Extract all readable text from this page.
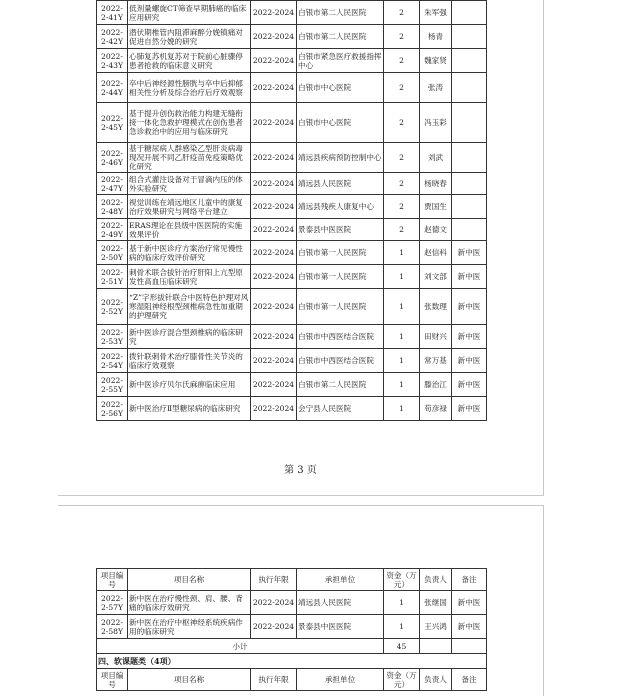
2022-2-41Y	低剂量螺旋CT筛查早期肺癌的临床应用研究	2022-2024	白银市第二人民医院	2	朱军强	
2022-2-42Y	潜伏期椎管内阻滞麻醉分娩镇痛对促进自然分娩的研究	2022-2024	白银市第二人民医院	2	杨青	
2022-2-43Y	心肺复苏机复苏对于院前心脏骤停患者抢救的临床意义研究	2022-2024	白银市紧急医疗救援指挥中心	2	魏家贤	
2022-2-44Y	卒中后神经源性膀胱与卒中后抑郁相关性分析及综合治疗后疗效观察	2022-2024	白银市中心医院	2	张涛	
2022-2-45Y	基于提升创伤救治能力构建无缝衔接一体化急救护理模式在创伤患者急诊救治中的应用与临床研究	2022-2024	白银市中心医院	2	冯玉彩	
2022-2-46Y	基于糖尿病人群感染乙型肝炎病毒现况开展不同乙肝疫苗免疫策略优化研究	2022-2024	靖远县疾病预防控制中心	2	刘武	
2022-2-47Y	组合式灌注设备对于冒滴内压的体外实验研究	2022-2024	靖远县人民医院	2	杨晓春	
2022-2-48Y	视觉训练在靖远地区儿童中的康复治疗效果研究与网络平台建立	2022-2024	靖远县残疾人康复中心	2	贾国生	
2022-2-49Y	ERAS理论在县级中医医院的实施效果评价	2022-2024	景泰县中医医院	2	赵德文	
2022-2-50Y	基于新中医诊疗方案治疗常见慢性病的临床疗效评价研究	2022-2024	白银市第一人民医院	1	赵信科	新中医
2022-2-51Y	刺骨术联合拔针治疗肝阳上亢型原发性高血压临床研究	2022-2024	白银市第一人民医院	1	刘文部	新中医
2022-2-52Y	“Z”字形拔针联合中医特色护理对风寒湿阻神经根型颈椎病急性加重期的护理研究	2022-2024	白银市第一人民医院	1	张数理	新中医
2022-2-53Y	新中医诊疗混合型颈椎病的临床研究	2022-2024	白银市中西医结合医院	1	田财兴	新中医
2022-2-54Y	拨针联刺骨术治疗膝骨性关节炎的临床疗效观察	2022-2024	白银市中西医结合医院	1	常万基	新中医
2022-2-55Y	新中医诊疗贝尔氏麻痹临床应用	2022-2024	白银市第二人民医院	1	滕治江	新中医
2022-2-56Y	新中医治疗Ⅱ型糖尿病的临床研究	2022-2024	会宁县人民医院	1	苟彦禄	新中医
第 3 页
项目编号	项目名称	执行年限	承担单位	资金（万元）	负责人	备注
2022-2-57Y	新中医在治疗慢性颈、肩、腰、背痛的临床疗效研究	2022-2024	靖远县人民医院	1	张继国	新中医
2022-2-58Y	新中医在治疗中枢神经系统疾病作用的临床研究	2022-2024	景泰县中医医院	1	王兴鸿	新中医
小计				45		
四、软课题类（4项）						
项目编号	项目名称	执行年限	承担单位	资金（万元）	负责人	备注
